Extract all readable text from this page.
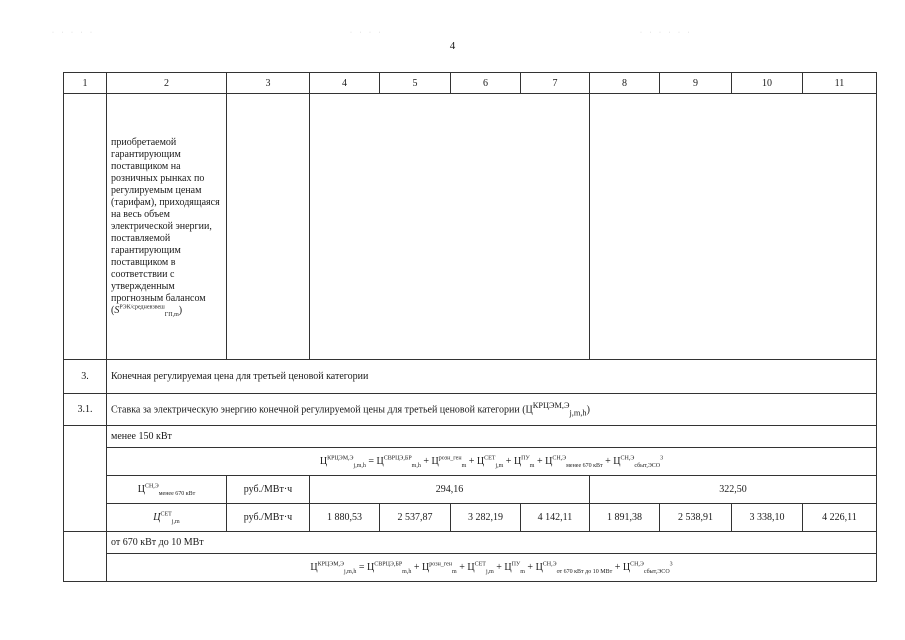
· · · · ·	· · · ·	· · · · · ·
4
1	2	3	4	5	6	7	8	9	10	11
	приобретаемой гарантирующим поставщиком на розничных рынках по регулируемым ценам (тарифам), приходящаяся на весь объем электрической энергии, поставляемой гарантирующим поставщиком в соответствии с утвержденным прогнозным балансом $(S^{РЭК/средневзвеш}_{ГП,m})$									
3.	Конечная регулируемая цена для третьей ценовой категории									
3.1.	Ставка за электрическую энергию конечной регулируемой цены для третьей ценовой категории $(Ц^{КРЦЭМ,Э}_{j,m,h})$									
	менее 150 кВт									
	$Ц^{КРЦЭМ,Э}_{j,m,h} = Ц^{СВРЦЭ,БР}_{m,h} + Ц^{розн\_ген}_m + Ц^{СЕТ}_{j,m} + Ц^{ПУ}_m + Ц^{СН,Э}_{менее 670 кВт} + Ц^{СН,Э}_{сбыт,ЭСО}^3$
	$Ц^{СН,Э}_{менее 670 кВт}$	руб./МВт·ч	294,16				322,50			
	$Ц^{СЕТ}_{j,m}$	руб./МВт·ч	1 880,53	2 537,87	3 282,19	4 142,11	1 891,38	2 538,91	3 338,10	4 226,11
	от 670 кВт до 10 МВт									
	$Ц^{КРЦЭМ,Э}_{j,m,h} = Ц^{СВРЦЭ,БР}_{m,h} + Ц^{розн\_ген}_m + Ц^{СЕТ}_{j,m} + Ц^{ПУ}_m + Ц^{СН,Э}_{от 670 кВт до 10 МВт} + Ц^{СН,Э}_{сбыт,ЭСО}^3$
